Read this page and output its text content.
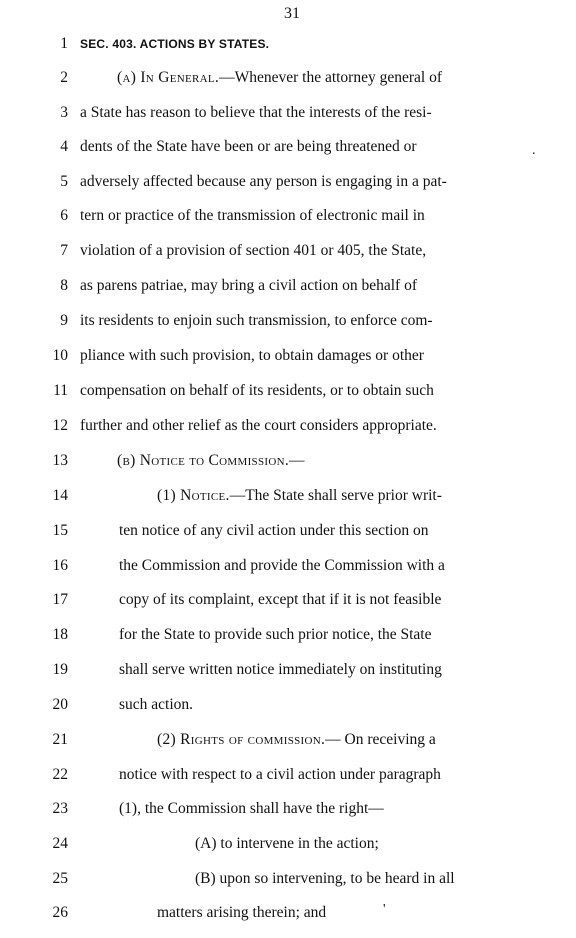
31
1 SEC. 403. ACTIONS BY STATES.
2	(a) In General.—Whenever the attorney general of
3 a State has reason to believe that the interests of the resi-
4 dents of the State have been or are being threatened or
5 adversely affected because any person is engaging in a pat-
6 tern or practice of the transmission of electronic mail in
7 violation of a provision of section 401 or 405, the State,
8 as parens patriae, may bring a civil action on behalf of
9 its residents to enjoin such transmission, to enforce com-
10 pliance with such provision, to obtain damages or other
11 compensation on behalf of its residents, or to obtain such
12 further and other relief as the court considers appropriate.
13	(b) Notice to Commission.—
14	(1) Notice.—The State shall serve prior writ-
15	ten notice of any civil action under this section on
16	the Commission and provide the Commission with a
17	copy of its complaint, except that if it is not feasible
18	for the State to provide such prior notice, the State
19	shall serve written notice immediately on instituting
20	such action.
21	(2) Rights of commission.— On receiving a
22	notice with respect to a civil action under paragraph
23	(1), the Commission shall have the right—
24	(A) to intervene in the action;
25	(B) upon so intervening, to be heard in all
26	matters arising therein; and
.
'
